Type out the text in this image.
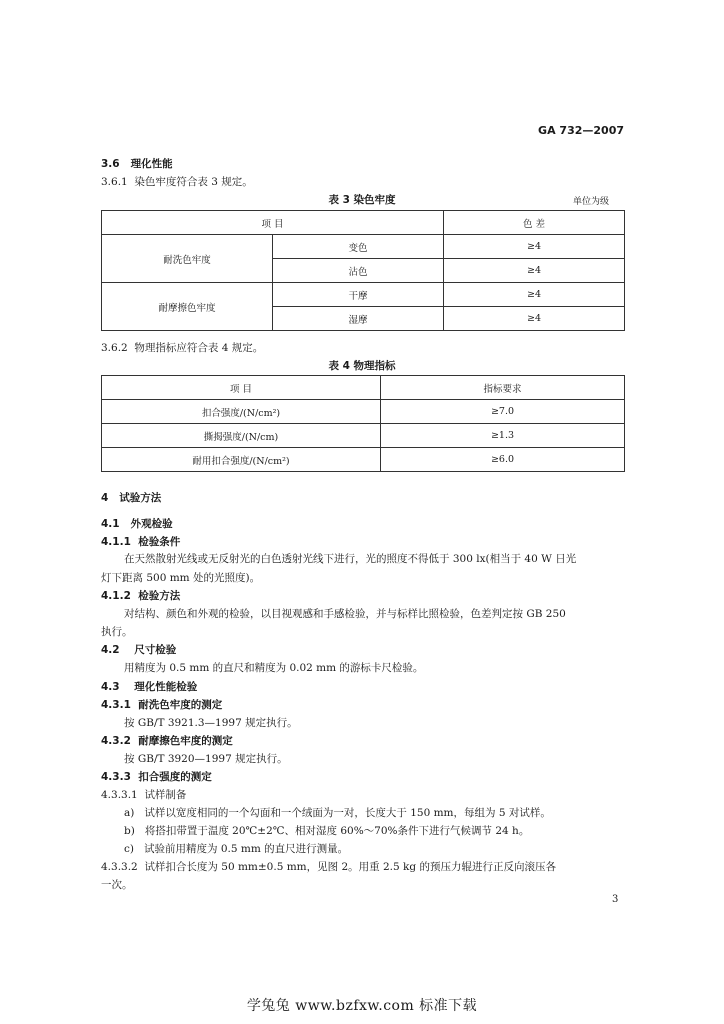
GA 732—2007
3.6 理化性能
3.6.1 染色牢度符合表 3 规定。
表 3 染色牢度	单位为级
项 目		色 差
耐洗色牢度	变色	≥4
	沾色	≥4
耐摩擦色牢度	干摩	≥4
	湿摩	≥4
3.6.2 物理指标应符合表 4 规定。
表 4 物理指标
项 目	指标要求
扣合强度/(N/cm²)	≥7.0
撕揭强度/(N/cm)	≥1.3
耐用扣合强度/(N/cm²)	≥6.0
4 试验方法
4.1 外观检验
4.1.1 检验条件
在天然散射光线或无反射光的白色透射光线下进行，光的照度不得低于 300 lx(相当于 40 W 日光
灯下距离 500 mm 处的光照度)。
4.1.2 检验方法
对结构、颜色和外观的检验，以目视观感和手感检验，并与标样比照检验，色差判定按 GB 250
执行。
4.2 尺寸检验
用精度为 0.5 mm 的直尺和精度为 0.02 mm 的游标卡尺检验。
4.3 理化性能检验
4.3.1 耐洗色牢度的测定
按 GB/T 3921.3—1997 规定执行。
4.3.2 耐摩擦色牢度的测定
按 GB/T 3920—1997 规定执行。
4.3.3 扣合强度的测定
4.3.3.1 试样制备
a) 试样以宽度相同的一个勾面和一个绒面为一对，长度大于 150 mm，每组为 5 对试样。
b) 将搭扣带置于温度 20℃±2℃、相对湿度 60%～70%条件下进行气候调节 24 h。
c) 试验前用精度为 0.5 mm 的直尺进行测量。
4.3.3.2 试样扣合长度为 50 mm±0.5 mm，见图 2。用重 2.5 kg 的预压力辊进行正反向滚压各
一次。
3
学兔兔 www.bzfxw.com 标准下载
